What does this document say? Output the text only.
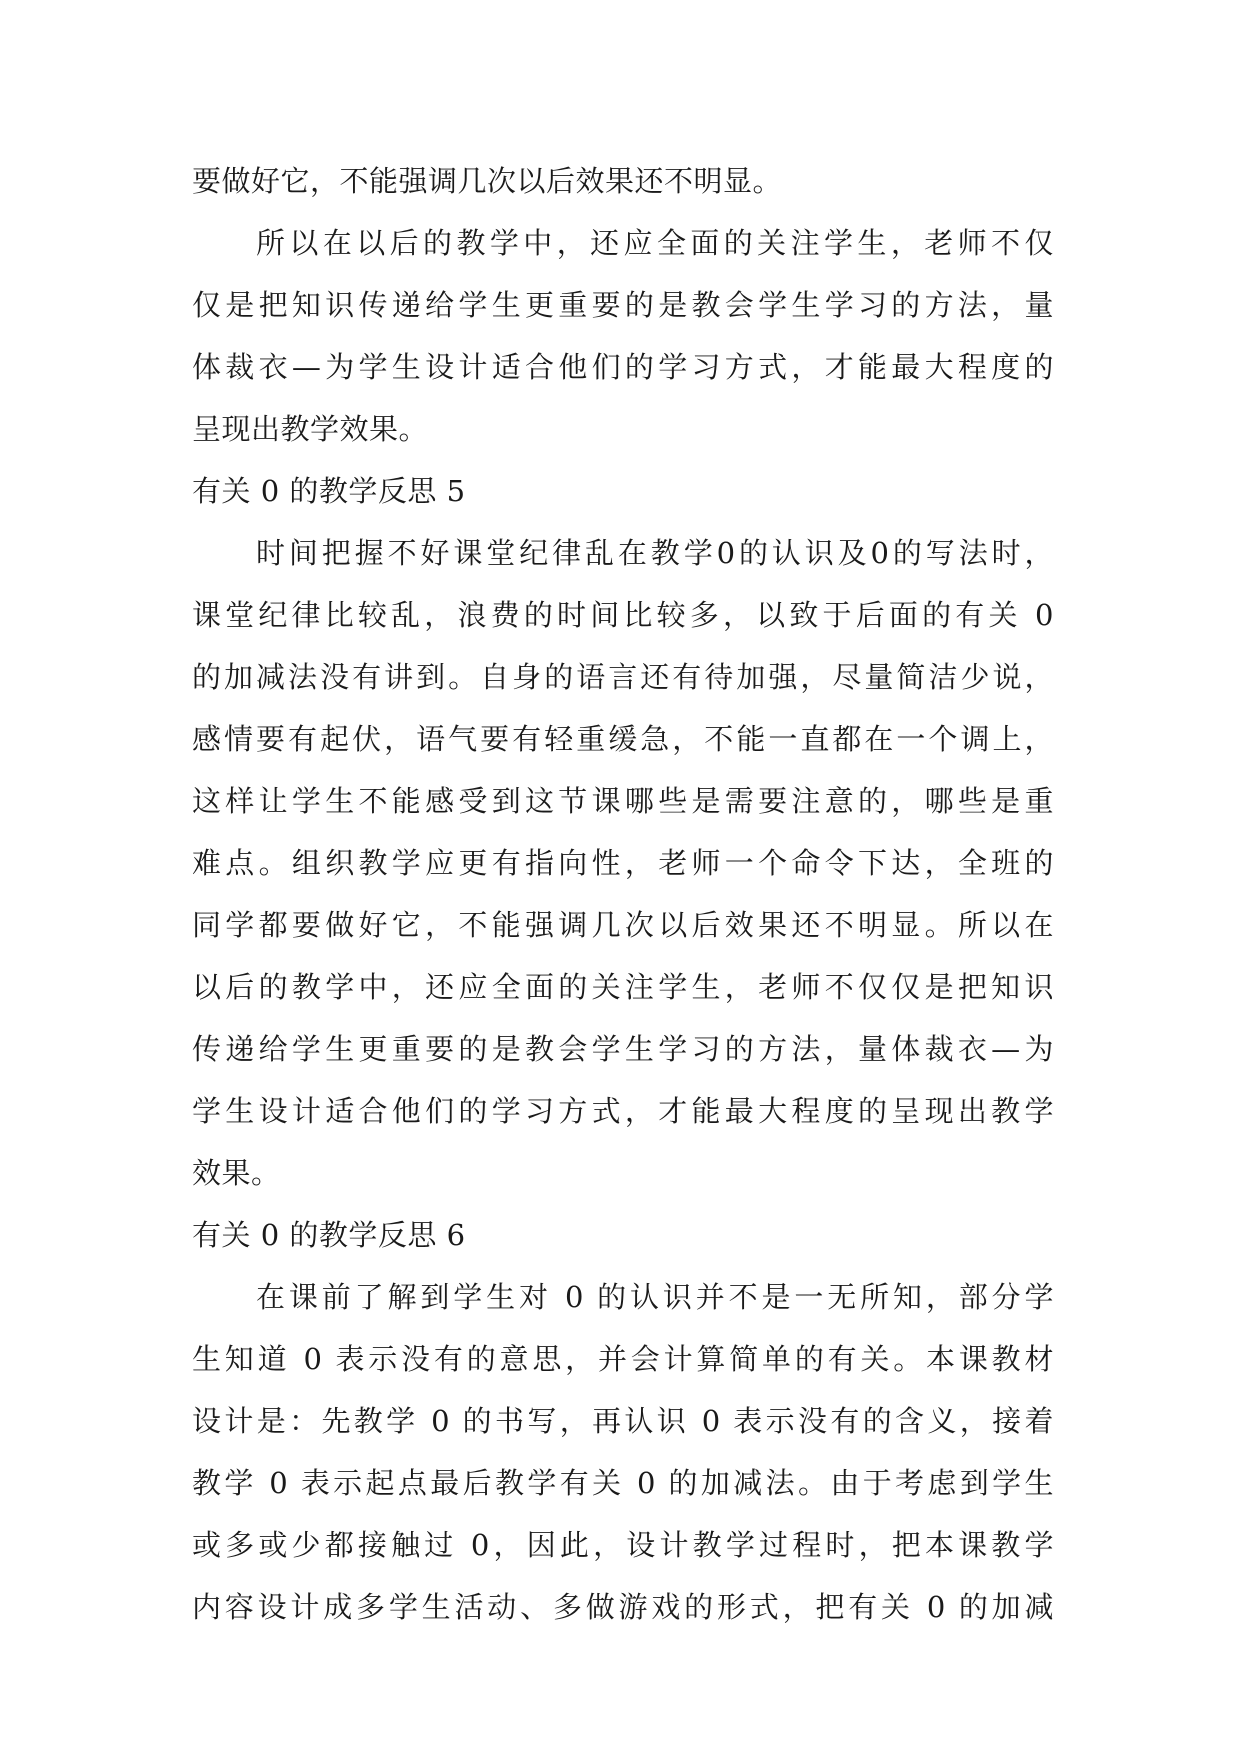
要做好它，不能强调几次以后效果还不明显。
所以在以后的教学中，还应全面的关注学生，老师不仅
仅是把知识传递给学生更重要的是教会学生学习的方法，量
体裁衣—为学生设计适合他们的学习方式，才能最大程度的
呈现出教学效果。
有关 0 的教学反思 5
时间把握不好课堂纪律乱在教学0的认识及0的写法时，
课堂纪律比较乱，浪费的时间比较多，以致于后面的有关 0
的加减法没有讲到。自身的语言还有待加强，尽量简洁少说，
感情要有起伏，语气要有轻重缓急，不能一直都在一个调上，
这样让学生不能感受到这节课哪些是需要注意的，哪些是重
难点。组织教学应更有指向性，老师一个命令下达，全班的
同学都要做好它，不能强调几次以后效果还不明显。所以在
以后的教学中，还应全面的关注学生，老师不仅仅是把知识
传递给学生更重要的是教会学生学习的方法，量体裁衣—为
学生设计适合他们的学习方式，才能最大程度的呈现出教学
效果。
有关 0 的教学反思 6
在课前了解到学生对 0 的认识并不是一无所知，部分学
生知道 0 表示没有的意思，并会计算简单的有关。本课教材
设计是：先教学 0 的书写，再认识 0 表示没有的含义，接着
教学 0 表示起点最后教学有关 0 的加减法。由于考虑到学生
或多或少都接触过 0，因此，设计教学过程时，把本课教学
内容设计成多学生活动、多做游戏的形式，把有关 0 的加减
